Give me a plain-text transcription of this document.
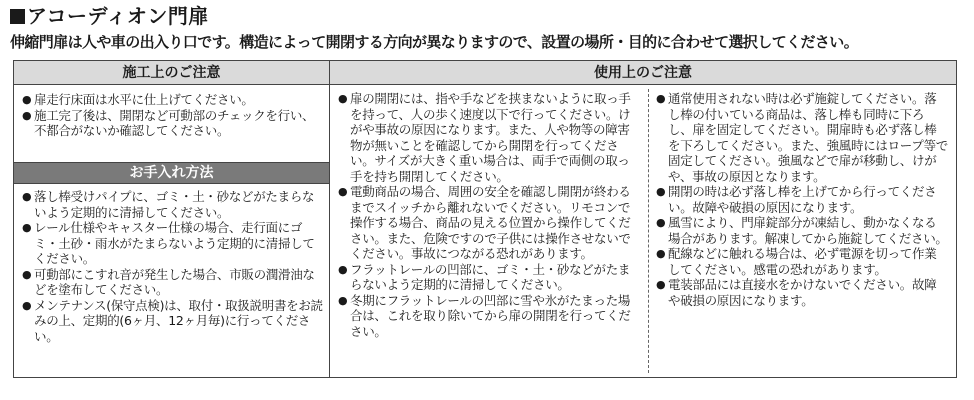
アコーディオン門扉
伸縮門扉は人や車の出入り口です。構造によって開閉する方向が異なりますので、設置の場所・目的に合わせて選択してください。
施工上のご注意
● 扉走行床面は水平に仕上げてください。
● 施工完了後は、開閉など可動部のチェックを行い、不都合がないか確認してください。
お手入れ方法
● 落し棒受けパイプに、ゴミ・土・砂などがたまらないよう定期的に清掃してください。
● レール仕様やキャスター仕様の場合、走行面にゴミ・土砂・雨水がたまらないよう定期的に清掃してください。
● 可動部にこすれ音が発生した場合、市販の潤滑油などを塗布してください。
● メンテナンス(保守点検)は、取付・取扱説明書をお読みの上、定期的(6ヶ月、12ヶ月毎)に行ってください。
使用上のご注意
● 扉の開閉には、指や手などを挟まないように取っ手を持って、人の歩く速度以下で行ってください。けがや事故の原因になります。また、人や物等の障害物が無いことを確認してから開閉を行ってください。サイズが大きく重い場合は、両手で両側の取っ手を持ち開閉してください。
● 電動商品の場合、周囲の安全を確認し開閉が終わるまでスイッチから離れないでください。リモコンで操作する場合、商品の見える位置から操作してください。また、危険ですので子供には操作させないでください。事故につながる恐れがあります。
● フラットレールの凹部に、ゴミ・土・砂などがたまらないよう定期的に清掃してください。
● 冬期にフラットレールの凹部に雪や氷がたまった場合は、これを取り除いてから扉の開閉を行ってください。
● 通常使用されない時は必ず施錠してください。落し棒の付いている商品は、落し棒も同時に下ろし、扉を固定してください。開扉時も必ず落し棒を下ろしてください。また、強風時にはロープ等で固定してください。強風などで扉が移動し、けがや、事故の原因となります。
● 開閉の時は必ず落し棒を上げてから行ってください。故障や破損の原因になります。
● 風雪により、門扉錠部分が凍結し、動かなくなる場合があります。解凍してから施錠してください。
● 配線などに触れる場合は、必ず電源を切って作業してください。感電の恐れがあります。
● 電装部品には直接水をかけないでください。故障や破損の原因になります。
